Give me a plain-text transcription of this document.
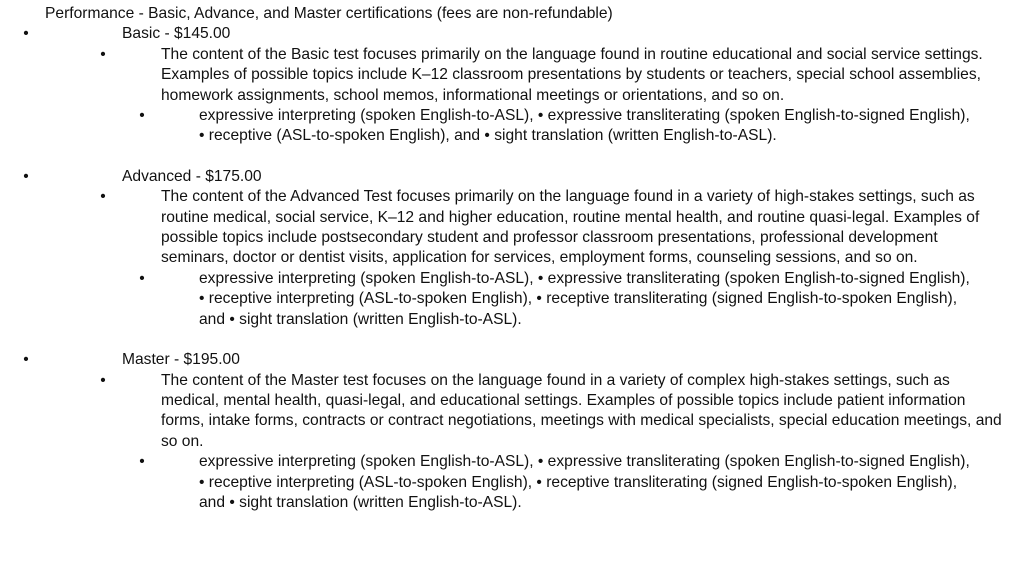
Performance - Basic, Advance, and Master certifications (fees are non-refundable)
•	Basic - $145.00
•	The content of the Basic test focuses primarily on the language found in routine educational and social service settings. Examples of possible topics include K–12 classroom presentations by students or teachers, special school assemblies, homework assignments, school memos, informational meetings or orientations, and so on.
•	expressive interpreting (spoken English-to-ASL), • expressive transliterating (spoken English-to-signed English), • receptive (ASL-to-spoken English), and • sight translation (written English-to-ASL).
•	Advanced - $175.00
•	The content of the Advanced Test focuses primarily on the language found in a variety of high-stakes settings, such as routine medical, social service, K–12 and higher education, routine mental health, and routine quasi-legal. Examples of possible topics include postsecondary student and professor classroom presentations, professional development seminars, doctor or dentist visits, application for services, employment forms, counseling sessions, and so on.
•	expressive interpreting (spoken English-to-ASL), • expressive transliterating (spoken English-to-signed English), • receptive interpreting (ASL-to-spoken English), • receptive transliterating (signed English-to-spoken English), and • sight translation (written English-to-ASL).
•	Master - $195.00
•	The content of the Master test focuses on the language found in a variety of complex high-stakes settings, such as medical, mental health, quasi-legal, and educational settings. Examples of possible topics include patient information forms, intake forms, contracts or contract negotiations, meetings with medical specialists, special education meetings, and so on.
•	expressive interpreting (spoken English-to-ASL), • expressive transliterating (spoken English-to-signed English), • receptive interpreting (ASL-to-spoken English), • receptive transliterating (signed English-to-spoken English), and • sight translation (written English-to-ASL).
